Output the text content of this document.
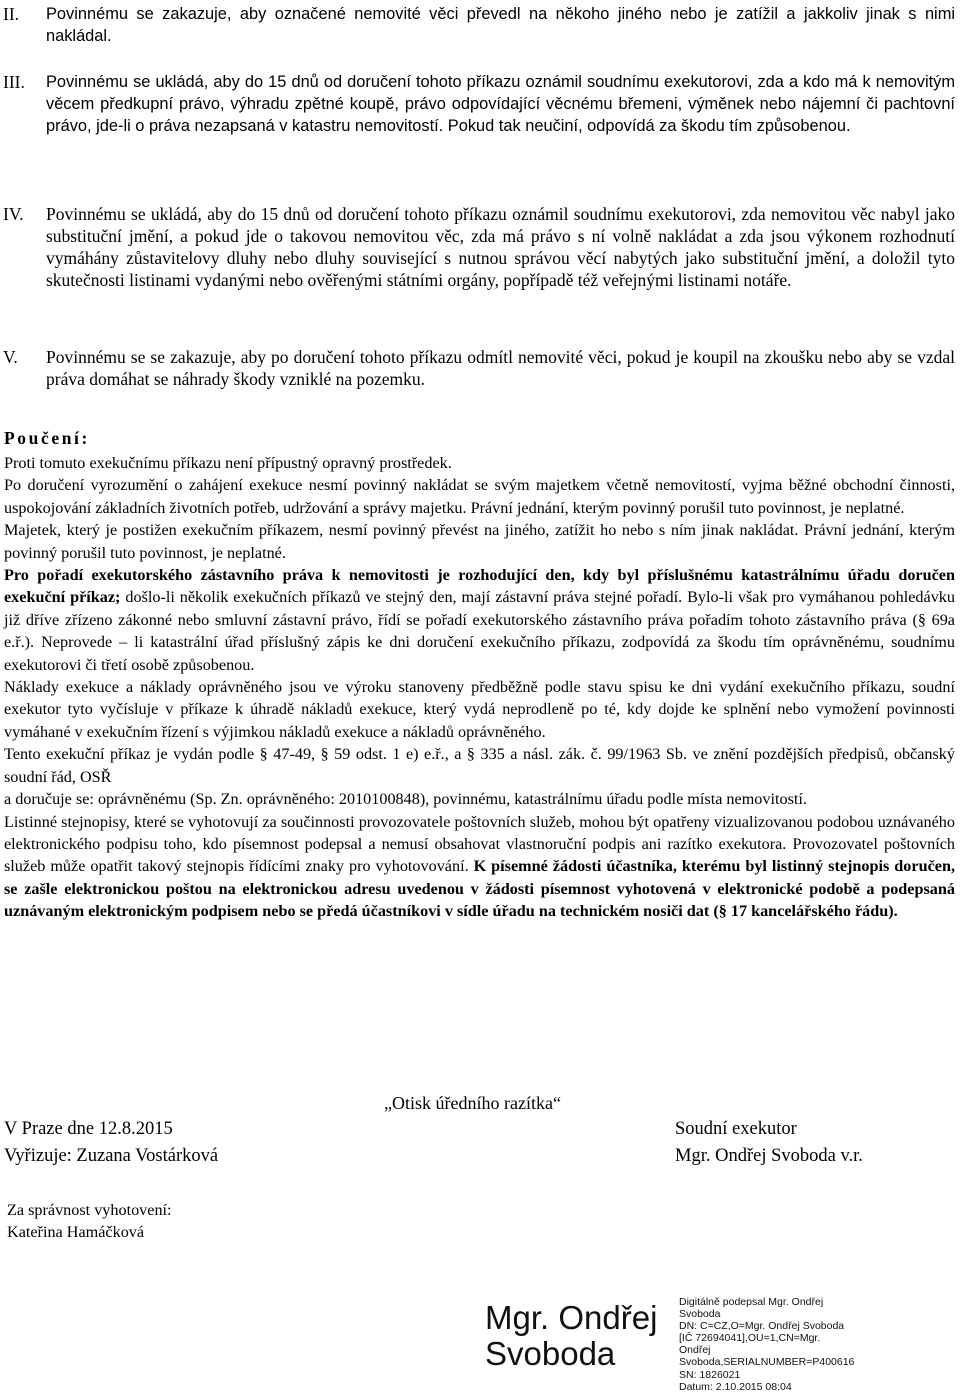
II. Povinnému se zakazuje, aby označené nemovité věci převedl na někoho jiného nebo je zatížil a jakkoliv jinak s nimi nakládal.
III. Povinnému se ukládá, aby do 15 dnů od doručení tohoto příkazu oznámil soudnímu exekutorovi, zda a kdo má k nemovitým věcem předkupní právo, výhradu zpětné koupě, právo odpovídající věcnému břemeni, výměnek nebo nájemní či pachtovní právo, jde-li o práva nezapsaná v katastru nemovitostí. Pokud tak neučiní, odpovídá za škodu tím způsobenou.
IV. Povinnému se ukládá, aby do 15 dnů od doručení tohoto příkazu oznámil soudnímu exekutorovi, zda nemovitou věc nabyl jako substituční jmění, a pokud jde o takovou nemovitou věc, zda má právo s ní volně nakládat a zda jsou výkonem rozhodnutí vymáhány zůstavitelovy dluhy nebo dluhy související s nutnou správou věcí nabytých jako substituční jmění, a doložil tyto skutečnosti listinami vydanými nebo ověřenými státními orgány, popřípadě též veřejnými listinami notáře.
V. Povinnému se se zakazuje, aby po doručení tohoto příkazu odmítl nemovité věci, pokud je koupil na zkoušku nebo aby se vzdal práva domáhat se náhrady škody vzniklé na pozemku.
Poučení:

Proti tomuto exekučnímu příkazu není přípustný opravný prostředek.

Po doručení vyrozumění o zahájení exekuce nesmí povinný nakládat se svým majetkem včetně nemovitostí, vyjma běžné obchodní činnosti, uspokojování základních životních potřeb, udržování a správy majetku. Právní jednání, kterým povinný porušil tuto povinnost, je neplatné.

Majetek, který je postižen exekučním příkazem, nesmí povinný převést na jiného, zatížit ho nebo s ním jinak nakládat. Právní jednání, kterým povinný porušil tuto povinnost, je neplatné.

Pro pořadí exekutorského zástavního práva k nemovitosti je rozhodující den, kdy byl příslušnému katastrálnímu úřadu doručen exekuční příkaz; došlo-li několik exekučních příkazů ve stejný den, mají zástavní práva stejné pořadí. Bylo-li však pro vymáhanou pohledávku již dříve zřízeno zákonné nebo smluvní zástavní právo, řídí se pořadí exekutorského zástavního práva pořadím tohoto zástavního práva (§ 69a e.ř.). Neprovede – li katastrální úřad příslušný zápis ke dni doručení exekučního příkazu, zodpovídá za škodu tím oprávněnému, soudnímu exekutorovi či třetí osobě způsobenou.

Náklady exekuce a náklady oprávněného jsou ve výroku stanoveny předběžně podle stavu spisu ke dni vydání exekučního příkazu, soudní exekutor tyto vyčísluje v příkaze k úhradě nákladů exekuce, který vydá neprodleně po té, kdy dojde ke splnění nebo vymožení povinnosti vymáhané v exekučním řízení s výjimkou nákladů exekuce a nákladů oprávněného.

Tento exekuční příkaz je vydán podle § 47-49, § 59 odst. 1 e) e.ř., a § 335 a násl. zák. č. 99/1963 Sb. ve znění pozdějších předpisů, občanský soudní řád, OSŘ

a doručuje se: oprávněnému (Sp. Zn. oprávněného: 2010100848), povinnému, katastrálnímu úřadu podle místa nemovitostí.

Listinné stejnopisy, které se vyhotovují za součinnosti provozovatele poštovních služeb, mohou být opatřeny vizualizovanou podobou uznávaného elektronického podpisu toho, kdo písemnost podepsal a nemusí obsahovat vlastnoruční podpis ani razítko exekutora. Provozovatel poštovních služeb může opatřit takový stejnopis řídícími znaky pro vyhotovování. K písemné žádosti účastníka, kterému byl listinný stejnopis doručen, se zašle elektronickou poštou na elektronickou adresu uvedenou v žádosti písemnost vyhotovená v elektronické podobě a podepsaná uznávaným elektronickým podpisem nebo se předá účastníkovi v sídle úřadu na technickém nosiči dat (§ 17 kancelářského řádu).

„Otisk úředního razítka“
V Praze dne 12.8.2015
Vyřizuje: Zuzana Vostárková
Soudní exekutor
Mgr. Ondřej Svoboda v.r.
Za správnost vyhotovení:
Kateřina Hamáčková
Mgr. Ondřej
Svoboda
Digitálně podepsal Mgr. Ondřej
Svoboda
DN: C=CZ,O=Mgr. Ondřej Svoboda
[IČ 72694041],OU=1,CN=Mgr.
Ondřej
Svoboda,SERIALNUMBER=P400616
SN: 1826021
Datum: 2.10.2015 08:04
